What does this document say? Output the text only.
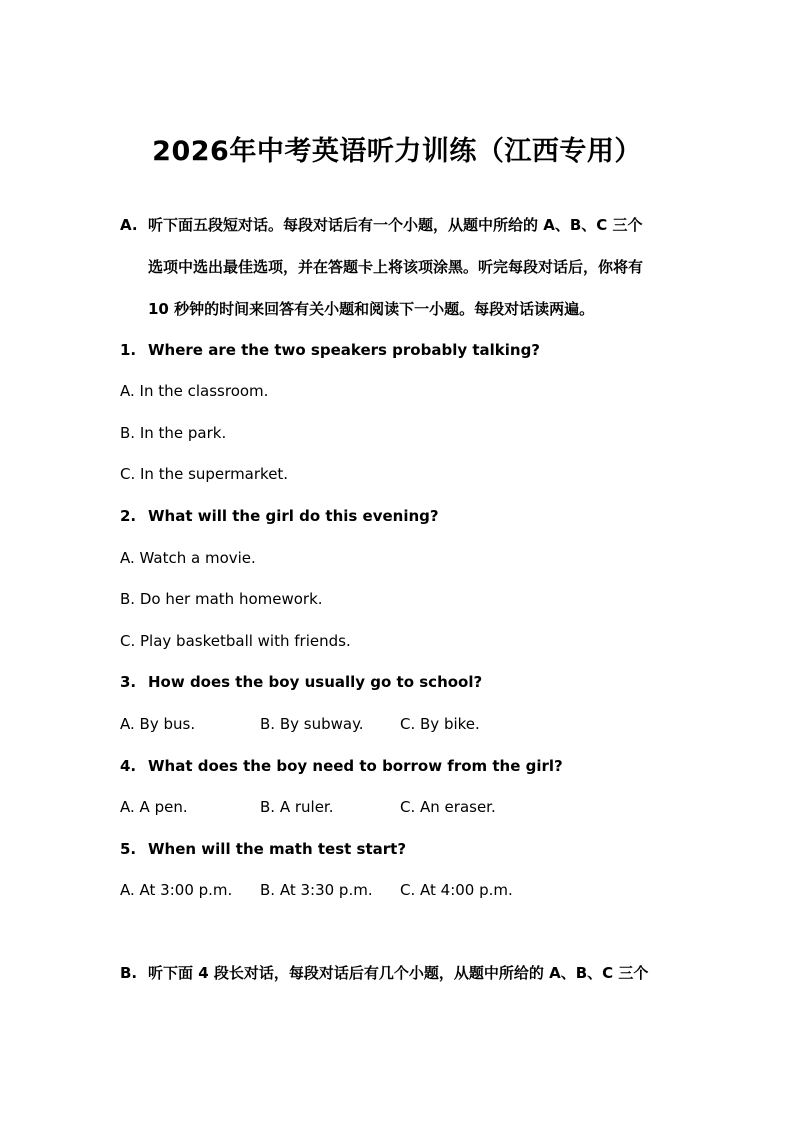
2026年中考英语听力训练（江西专用）
A. 听下面五段短对话。每段对话后有一个小题，从题中所给的 A、B、C 三个
选项中选出最佳选项，并在答题卡上将该项涂黑。听完每段对话后，你将有
10 秒钟的时间来回答有关小题和阅读下一小题。每段对话读两遍。
1. Where are the two speakers probably talking?
A. In the classroom.
B. In the park.
C. In the supermarket.
2. What will the girl do this evening?
A. Watch a movie.
B. Do her math homework.
C. Play basketball with friends.
3. How does the boy usually go to school?
A. By bus.	B. By subway. C. By bike.
4. What does the boy need to borrow from the girl?
A. A pen.	B. A ruler.	C. An eraser.
5. When will the math test start?
A. At 3:00 p.m. B. At 3:30 p.m. C. At 4:00 p.m.
B. 听下面 4 段长对话，每段对话后有几个小题，从题中所给的 A、B、C 三个
